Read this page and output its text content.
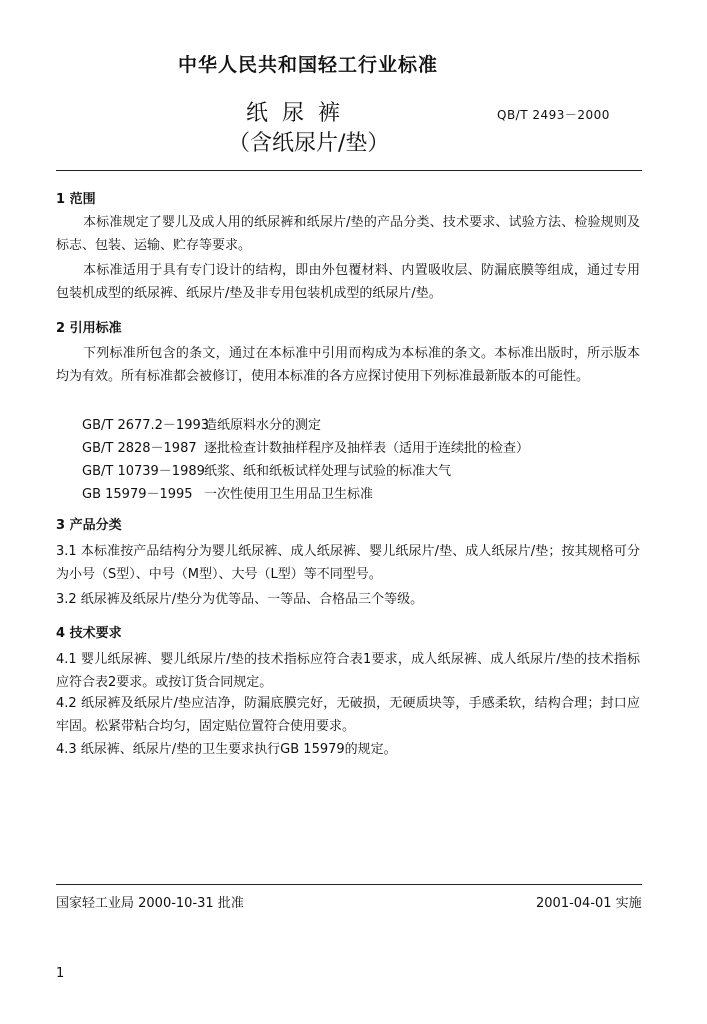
中华人民共和国轻工行业标准
纸尿裤
（含纸尿片/垫）
QB/T 2493－2000
1 范围
本标准规定了婴儿及成人用的纸尿裤和纸尿片/垫的产品分类、技术要求、试验方法、检验规则及标志、包装、运输、贮存等要求。
本标准适用于具有专门设计的结构，即由外包覆材料、内置吸收层、防漏底膜等组成，通过专用包装机成型的纸尿裤、纸尿片/垫及非专用包装机成型的纸尿片/垫。
2 引用标准
下列标准所包含的条文，通过在本标准中引用而构成为本标准的条文。本标准出版时，所示版本均为有效。所有标准都会被修订，使用本标准的各方应探讨使用下列标准最新版本的可能性。
GB/T 2677.2－1993造纸原料水分的测定
GB/T 2828－1987 逐批检查计数抽样程序及抽样表（适用于连续批的检查）
GB/T 10739－1989纸浆、纸和纸板试样处理与试验的标准大气
GB 15979－1995 一次性使用卫生用品卫生标准
3 产品分类
3.1 本标准按产品结构分为婴儿纸尿裤、成人纸尿裤、婴儿纸尿片/垫、成人纸尿片/垫；按其规格可分为小号（S型）、中号（M型）、大号（L型）等不同型号。
3.2 纸尿裤及纸尿片/垫分为优等品、一等品、合格品三个等级。
4 技术要求
4.1 婴儿纸尿裤、婴儿纸尿片/垫的技术指标应符合表1要求，成人纸尿裤、成人纸尿片/垫的技术指标应符合表2要求。或按订货合同规定。
4.2 纸尿裤及纸尿片/垫应洁净，防漏底膜完好，无破损，无硬质块等，手感柔软，结构合理；封口应牢固。松紧带粘合均匀，固定贴位置符合使用要求。
4.3 纸尿裤、纸尿片/垫的卫生要求执行GB 15979的规定。
国家轻工业局 2000-10-31 批准	2001-04-01 实施
1
